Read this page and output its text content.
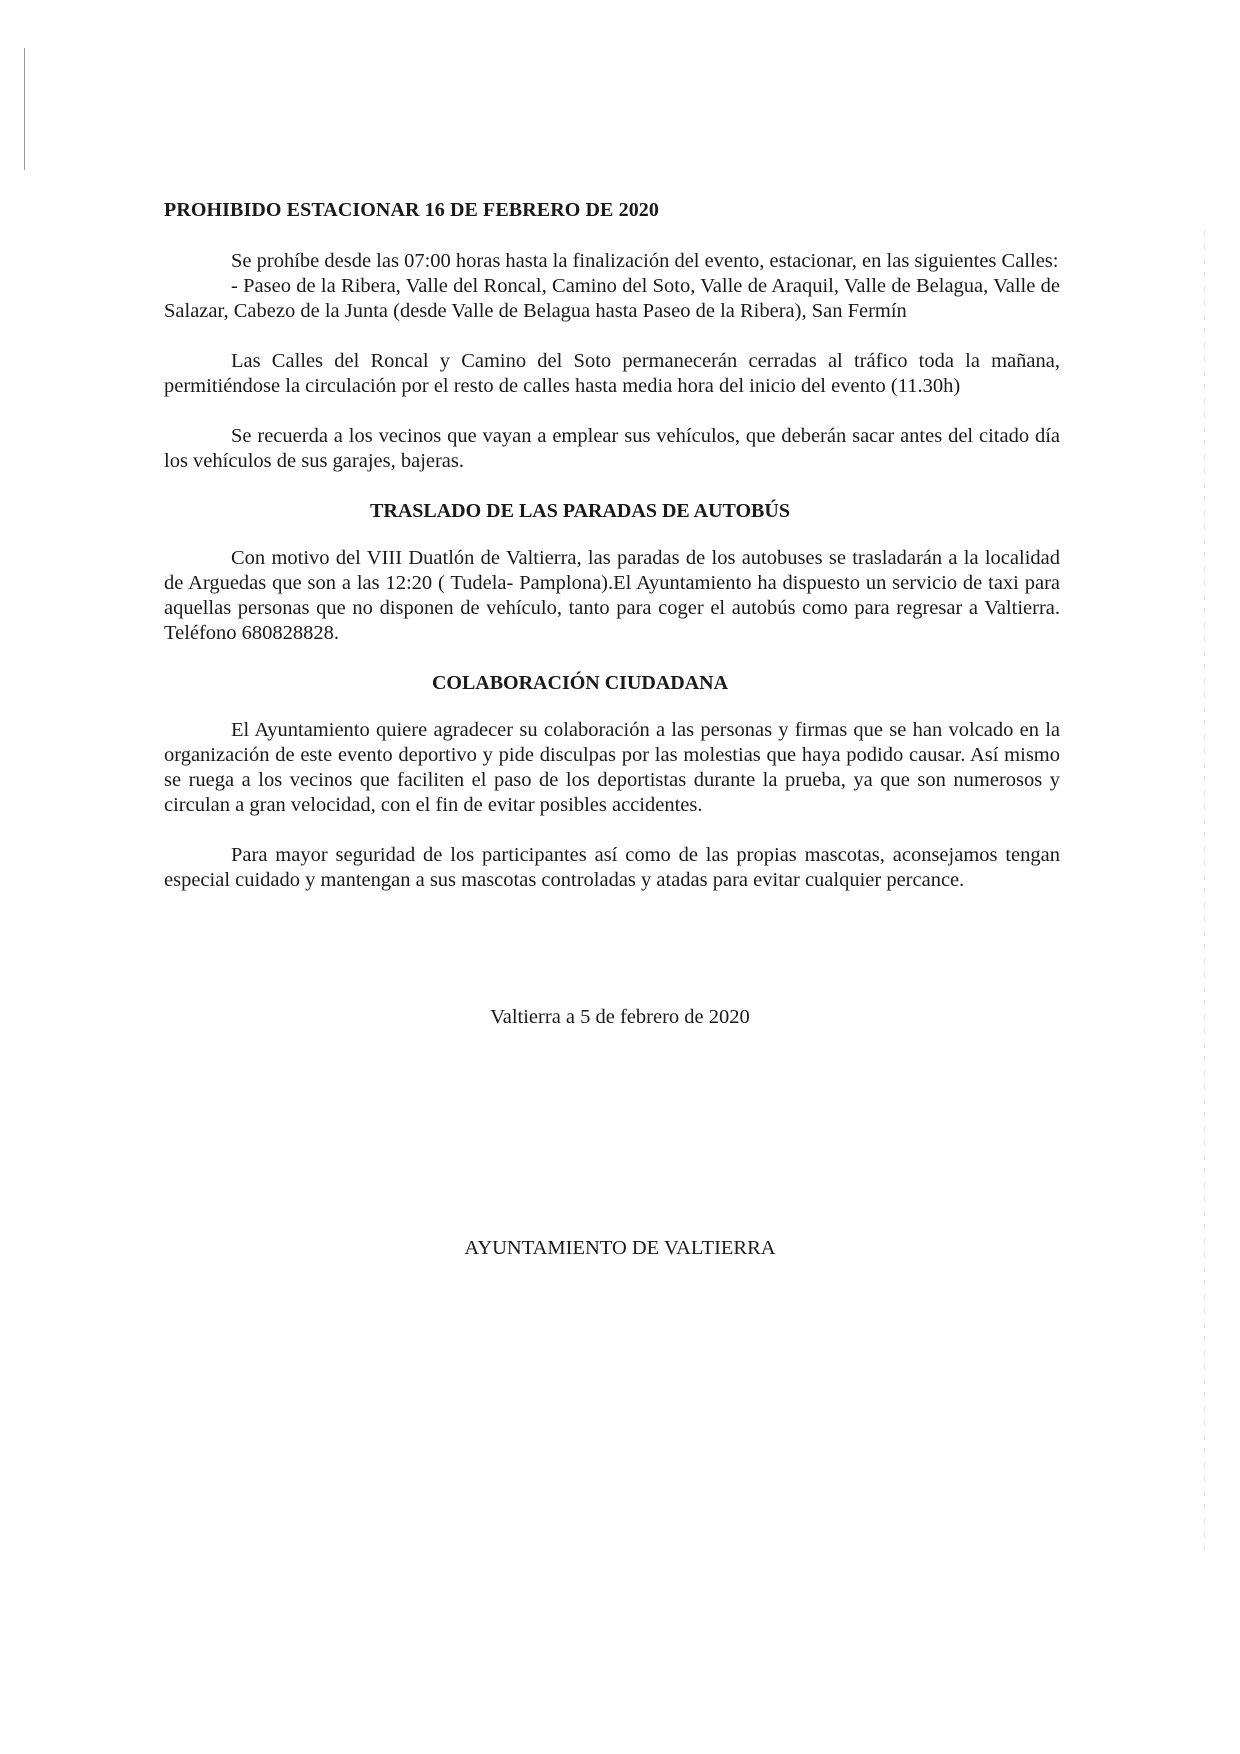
PROHIBIDO ESTACIONAR 16 DE FEBRERO DE 2020

Se prohíbe desde las 07:00 horas hasta la finalización del evento, estacionar, en las siguientes Calles:

- Paseo de la Ribera, Valle del Roncal, Camino del Soto, Valle de Araquil, Valle de Belagua, Valle de Salazar, Cabezo de la Junta (desde Valle de Belagua hasta Paseo de la Ribera), San Fermín

Las Calles del Roncal y Camino del Soto permanecerán cerradas al tráfico toda la mañana, permitiéndose la circulación por el resto de calles hasta media hora del inicio del evento (11.30h)

Se recuerda a los vecinos que vayan a emplear sus vehículos, que deberán sacar antes del citado día los vehículos de sus garajes, bajeras.

TRASLADO DE LAS PARADAS DE AUTOBÚS

Con motivo del VIII Duatlón de Valtierra, las paradas de los autobuses se trasladarán a la localidad de Arguedas que son a las 12:20 ( Tudela- Pamplona).El Ayuntamiento ha dispuesto un servicio de taxi para aquellas personas que no disponen de vehículo, tanto para coger el autobús como para regresar a Valtierra. Teléfono 680828828.

COLABORACIÓN CIUDADANA

El Ayuntamiento quiere agradecer su colaboración a las personas y firmas que se han volcado en la organización de este evento deportivo y pide disculpas por las molestias que haya podido causar. Así mismo se ruega a los vecinos que faciliten el paso de los deportistas durante la prueba, ya que son numerosos y circulan a gran velocidad, con el fin de evitar posibles accidentes.

Para mayor seguridad de los participantes así como de las propias mascotas, aconsejamos tengan especial cuidado y mantengan a sus mascotas controladas y atadas para evitar cualquier percance.

Valtierra a 5 de febrero de 2020

AYUNTAMIENTO DE VALTIERRA
